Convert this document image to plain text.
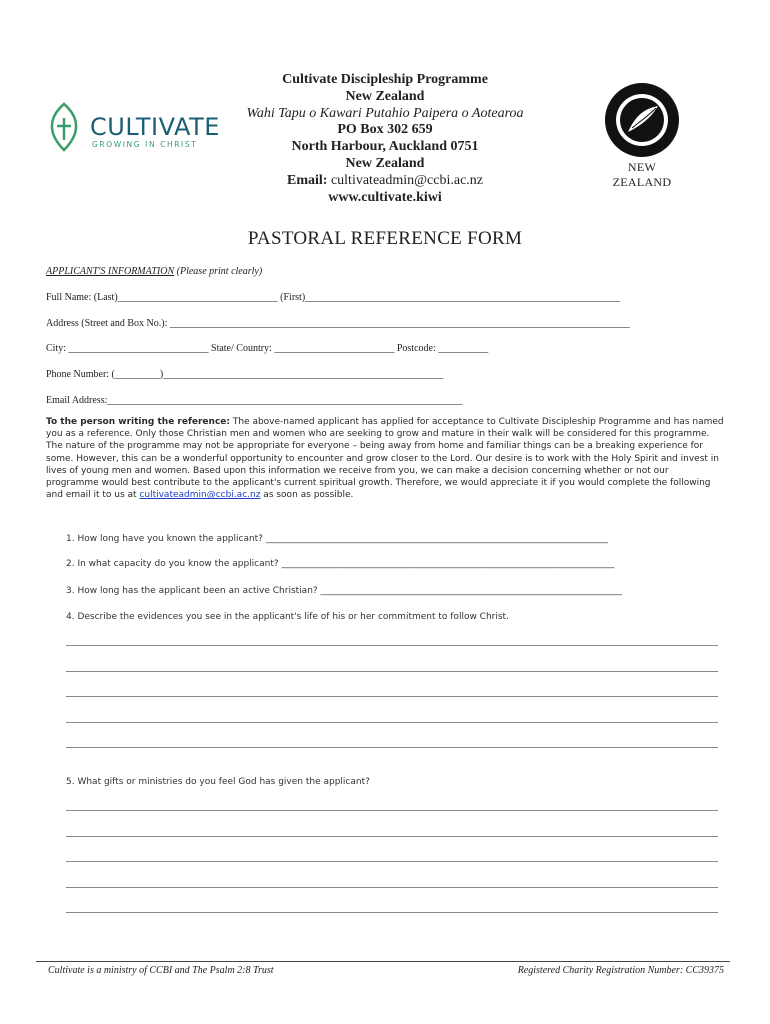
CULTIVATE
GROWING IN CHRIST
Cultivate Discipleship Programme
New Zealand
Wahi Tapu o Kawari Putahio Paipera o Aotearoa
PO Box 302 659
North Harbour, Auckland 0751
New Zealand
Email: cultivateadmin@ccbi.ac.nz
www.cultivate.kiwi
NEW ZEALAND
PASTORAL REFERENCE FORM
APPLICANT'S INFORMATION (Please print clearly)
Full Name: (Last)________________________________ (First)_______________________________________________________________
Address (Street and Box No.): ____________________________________________________________________________________________
City: ____________________________ State/ Country: ________________________ Postcode: __________
Phone Number: (_________)________________________________________________________
Email Address:_______________________________________________________________________
To the person writing the reference: The above-named applicant has applied for acceptance to Cultivate Discipleship Programme and has named you as a reference. Only those Christian men and women who are seeking to grow and mature in their walk will be considered for this programme. The nature of the programme may not be appropriate for everyone – being away from home and familiar things can be a breaking experience for some. However, this can be a wonderful opportunity to encounter and grow closer to the Lord. Our desire is to work with the Holy Spirit and invest in lives of young men and women. Based upon this information we receive from you, we can make a decision concerning whether or not our programme would best contribute to the applicant's current spiritual growth. Therefore, we would appreciate it if you would complete the following and email it to us at cultivateadmin@ccbi.ac.nz as soon as possible.
1. How long have you known the applicant? ____________________________________________________________________________
2. In what capacity do you know the applicant? __________________________________________________________________________
3. How long has the applicant been an active Christian? ___________________________________________________________________
4. Describe the evidences you see in the applicant's life of his or her commitment to follow Christ.
5. What gifts or ministries do you feel God has given the applicant?
Cultivate is a ministry of CCBI and The Psalm 2:8 Trust	Registered Charity Registration Number: CC39375
